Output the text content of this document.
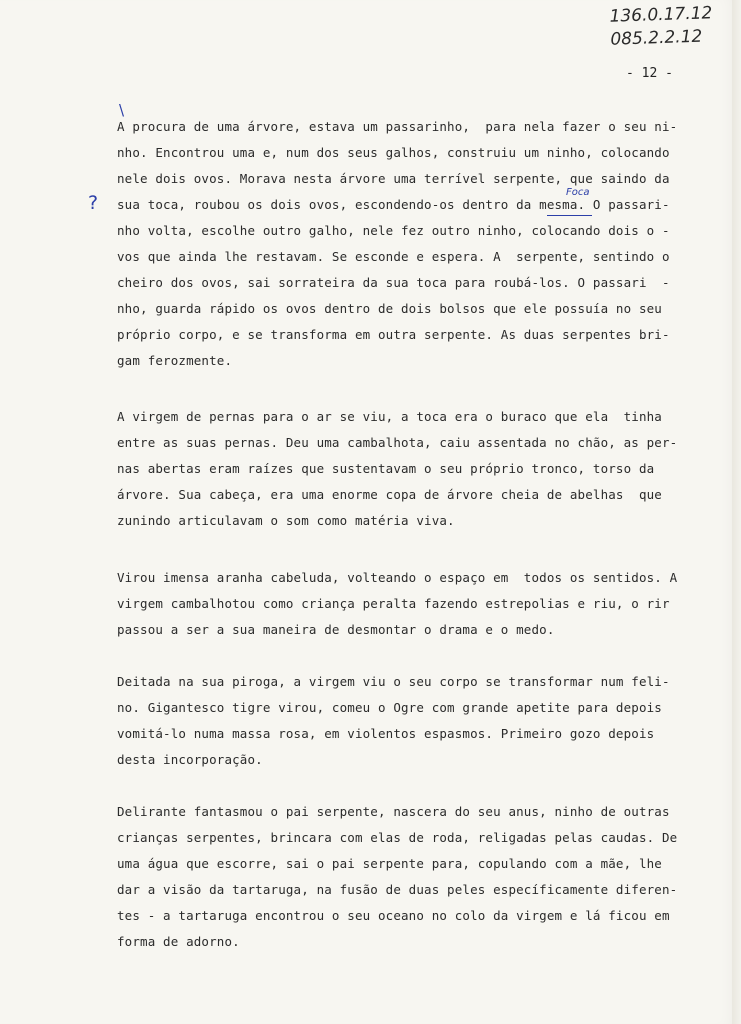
136.0.17.12
085.2.2.12
- 12 -
\
?	Foca
A procura de uma árvore, estava um passarinho,  para nela fazer o seu ni-
nho. Encontrou uma e, num dos seus galhos, construiu um ninho, colocando
nele dois ovos. Morava nesta árvore uma terrível serpente, que saindo da
sua toca, roubou os dois ovos, escondendo-os dentro da mesma. O passari-
nho volta, escolhe outro galho, nele fez outro ninho, colocando dois o -
vos que ainda lhe restavam. Se esconde e espera. A  serpente, sentindo o
cheiro dos ovos, sai sorrateira da sua toca para roubá-los. O passari  -
nho, guarda rápido os ovos dentro de dois bolsos que ele possuía no seu
próprio corpo, e se transforma em outra serpente. As duas serpentes bri-
gam ferozmente.
A virgem de pernas para o ar se viu, a toca era o buraco que ela  tinha
entre as suas pernas. Deu uma cambalhota, caiu assentada no chão, as per-
nas abertas eram raízes que sustentavam o seu próprio tronco, torso da
árvore. Sua cabeça, era uma enorme copa de árvore cheia de abelhas  que
zunindo articulavam o som como matéria viva.
Virou imensa aranha cabeluda, volteando o espaço em  todos os sentidos. A
virgem cambalhotou como criança peralta fazendo estrepolias e riu, o rir
passou a ser a sua maneira de desmontar o drama e o medo.
Deitada na sua piroga, a virgem viu o seu corpo se transformar num feli-
no. Gigantesco tigre virou, comeu o Ogre com grande apetite para depois
vomitá-lo numa massa rosa, em violentos espasmos. Primeiro gozo depois
desta incorporação.
Delirante fantasmou o pai serpente, nascera do seu anus, ninho de outras
crianças serpentes, brincara com elas de roda, religadas pelas caudas. De
uma água que escorre, sai o pai serpente para, copulando com a mãe, lhe
dar a visão da tartaruga, na fusão de duas peles específicamente diferen-
tes - a tartaruga encontrou o seu oceano no colo da virgem e lá ficou em
forma de adorno.
